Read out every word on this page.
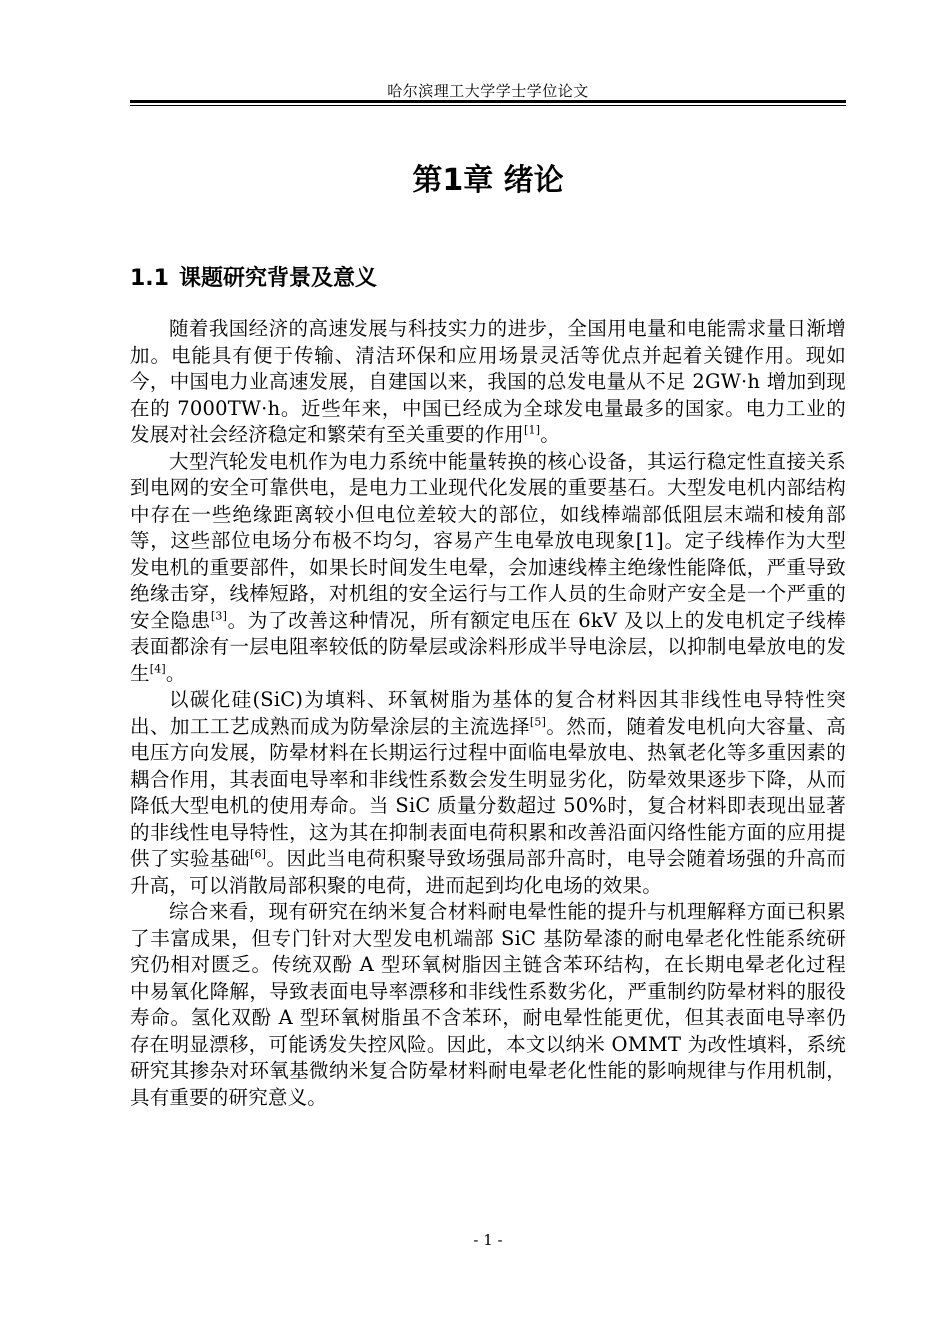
哈尔滨理工大学学士学位论文
第1章 绪论
1.1 课题研究背景及意义

随着我国经济的高速发展与科技实力的进步，全国用电量和电能需求量日渐增加。电能具有便于传输、清洁环保和应用场景灵活等优点并起着关键作用。现如今，中国电力业高速发展，自建国以来，我国的总发电量从不足 2GW·h 增加到现在的 7000TW·h。近些年来，中国已经成为全球发电量最多的国家。电力工业的发展对社会经济稳定和繁荣有至关重要的作用[1]。

大型汽轮发电机作为电力系统中能量转换的核心设备，其运行稳定性直接关系到电网的安全可靠供电，是电力工业现代化发展的重要基石。大型发电机内部结构中存在一些绝缘距离较小但电位差较大的部位，如线棒端部低阻层末端和棱角部等，这些部位电场分布极不均匀，容易产生电晕放电现象[1]。定子线棒作为大型发电机的重要部件，如果长时间发生电晕，会加速线棒主绝缘性能降低，严重导致绝缘击穿，线棒短路，对机组的安全运行与工作人员的生命财产安全是一个严重的安全隐患[3]。为了改善这种情况，所有额定电压在 6kV 及以上的发电机定子线棒表面都涂有一层电阻率较低的防晕层或涂料形成半导电涂层，以抑制电晕放电的发生[4]。

以碳化硅(SiC)为填料、环氧树脂为基体的复合材料因其非线性电导特性突出、加工工艺成熟而成为防晕涂层的主流选择[5]。然而，随着发电机向大容量、高电压方向发展，防晕材料在长期运行过程中面临电晕放电、热氧老化等多重因素的耦合作用，其表面电导率和非线性系数会发生明显劣化，防晕效果逐步下降，从而降低大型电机的使用寿命。当 SiC 质量分数超过 50%时，复合材料即表现出显著的非线性电导特性，这为其在抑制表面电荷积累和改善沿面闪络性能方面的应用提供了实验基础[6]。因此当电荷积聚导致场强局部升高时，电导会随着场强的升高而升高，可以消散局部积聚的电荷，进而起到均化电场的效果。

综合来看，现有研究在纳米复合材料耐电晕性能的提升与机理解释方面已积累了丰富成果，但专门针对大型发电机端部 SiC 基防晕漆的耐电晕老化性能系统研究仍相对匮乏。传统双酚 A 型环氧树脂因主链含苯环结构，在长期电晕老化过程中易氧化降解，导致表面电导率漂移和非线性系数劣化，严重制约防晕材料的服役寿命。氢化双酚 A 型环氧树脂虽不含苯环，耐电晕性能更优，但其表面电导率仍存在明显漂移，可能诱发失控风险。因此，本文以纳米 OMMT 为改性填料，系统研究其掺杂对环氧基微纳米复合防晕材料耐电晕老化性能的影响规律与作用机制，具有重要的研究意义。

- 1 -
